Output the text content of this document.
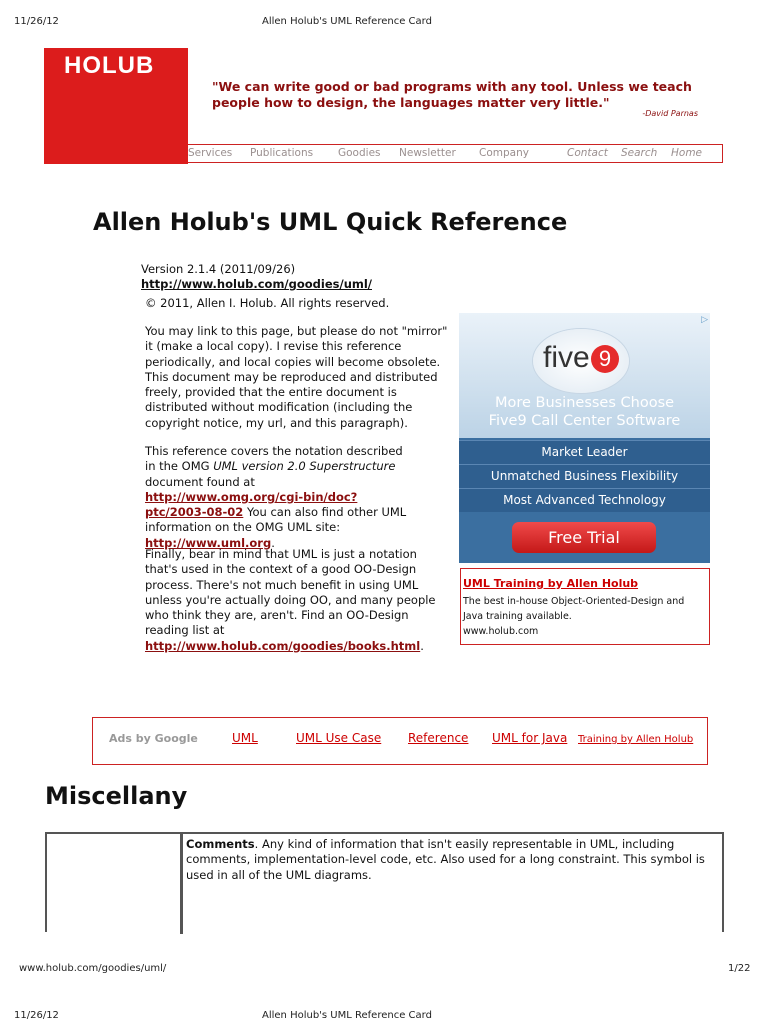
11/26/12	Allen Holub's UML Reference Card
HOLUB
"We can write good or bad programs with any tool. Unless we teach people how to design, the languages matter very little."
-David Parnas
Services Publications Goodies Newsletter Company	Contact Search Home
Allen Holub's UML Quick Reference
Version 2.1.4 (2011/09/26)
http://www.holub.com/goodies/uml/
© 2011, Allen I. Holub. All rights reserved.
You may link to this page, but please do not "mirror" it (make a local copy). I revise this reference periodically, and local copies will become obsolete. This document may be reproduced and distributed freely, provided that the entire document is distributed without modification (including the copyright notice, my url, and this paragraph).
This reference covers the notation described in the OMG UML version 2.0 Superstructure document found at http://www.omg.org/cgi-bin/doc?ptc/2003-08-02 You can also find other UML information on the OMG UML site: http://www.uml.org.
Finally, bear in mind that UML is just a notation that's used in the context of a good OO-Design process. There's not much benefit in using UML unless you're actually doing OO, and many people who think they are, aren't. Find an OO-Design reading list at http://www.holub.com/goodies/books.html.
five 9
More Businesses Choose
Five9 Call Center Software
Market Leader
Unmatched Business Flexibility
Most Advanced Technology
Free Trial
▷
UML Training by Allen Holub
The best in-house Object-Oriented-Design and Java training available.
www.holub.com
Ads by Google	UML	UML Use Case Reference UML for Java Training by Allen Holub
Miscellany
Comments. Any kind of information that isn't easily representable in UML, including comments, implementation-level code, etc. Also used for a long constraint. This symbol is used in all of the UML diagrams.
www.holub.com/goodies/uml/	1/22
11/26/12	Allen Holub's UML Reference Card
